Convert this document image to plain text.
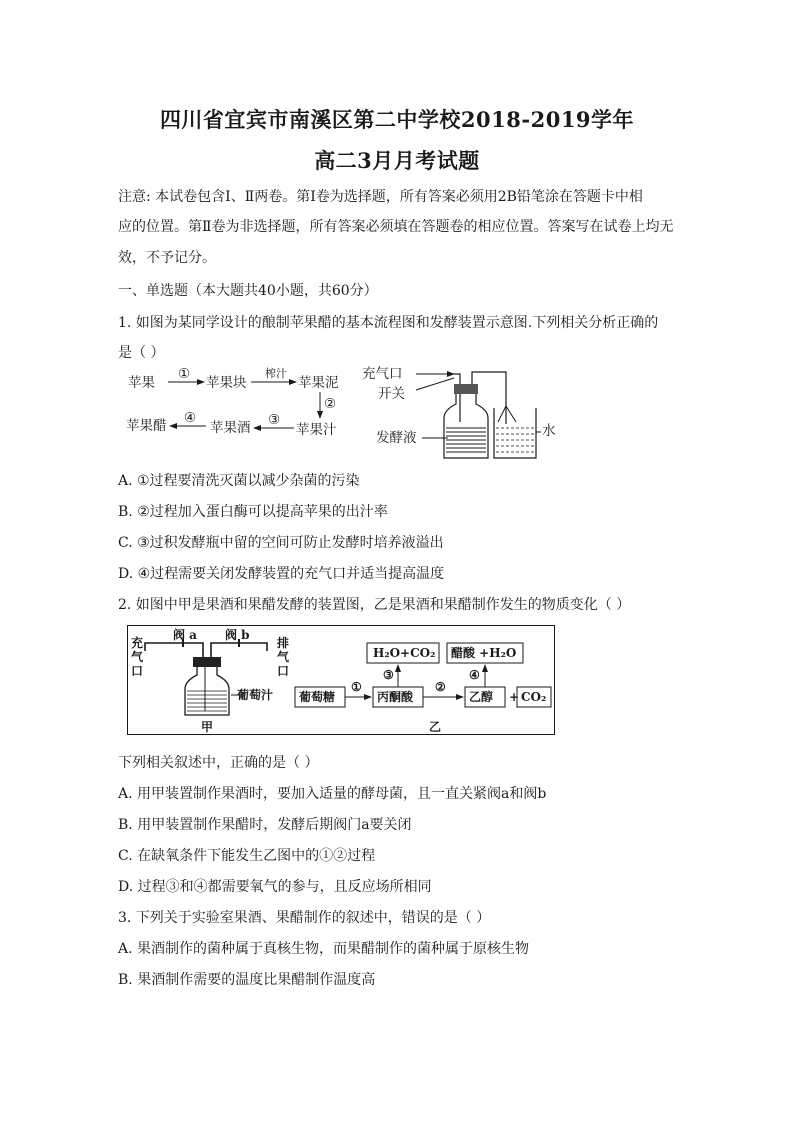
四川省宜宾市南溪区第二中学校2018-2019学年
高二3月月考试题
注意: 本试卷包含Ⅰ、Ⅱ两卷。第Ⅰ卷为选择题，所有答案必须用2B铅笔涂在答题卡中相
应的位置。第Ⅱ卷为非选择题，所有答案必须填在答题卷的相应位置。答案写在试卷上均无
效，不予记分。
一、单选题（本大题共40小题，共60分）
1. 如图为某同学设计的酿制苹果醋的基本流程图和发酵装置示意图.下列相关分析正确的
是（ ）
苹果
①
苹果块
榨汁
苹果泥
②
苹果汁
③
苹果酒
④
苹果醋
充气口
开关
发酵液	水
A. ①过程要清洗灭菌以减少杂菌的污染
B. ②过程加入蛋白酶可以提高苹果的出汁率
C. ③过积发酵瓶中留的空间可防止发酵时培养液溢出
D. ④过程需要关闭发酵装置的充气口并适当提高温度
2. 如图中甲是果酒和果醋发酵的装置图，乙是果酒和果醋制作发生的物质变化（ ）
阀 a 阀 b
充
气
口
排
气
口
葡萄汁
甲
H₂O+CO₂ 醋酸 +H₂O
葡萄糖
①
丙酮酸
③
②
乙醇
④
+ CO₂
乙
下列相关叙述中，正确的是（ ）
A. 用甲装置制作果酒时，要加入适量的酵母菌，且一直关紧阀a和阀b
B. 用甲装置制作果醋时，发酵后期阀门a要关闭
C. 在缺氧条件下能发生乙图中的①②过程
D. 过程③和④都需要氧气的参与，且反应场所相同
3. 下列关于实验室果酒、果醋制作的叙述中，错误的是（ ）
A. 果酒制作的菌种属于真核生物，而果醋制作的菌种属于原核生物
B. 果酒制作需要的温度比果醋制作温度高
